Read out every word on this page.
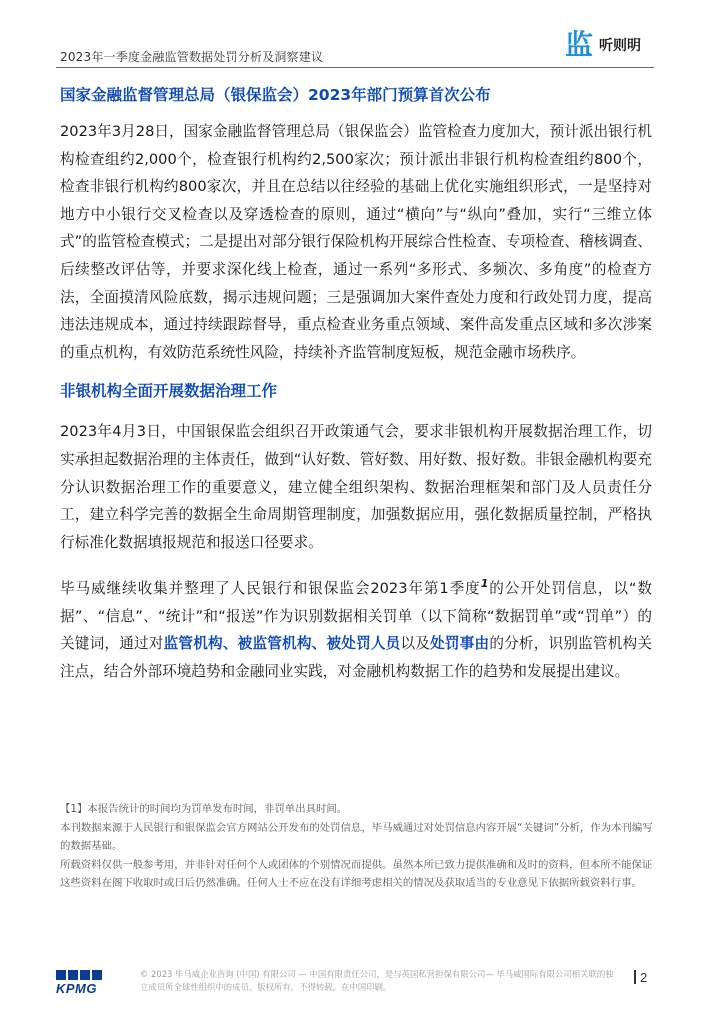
2023年一季度金融监管数据处罚分析及洞察建议	监 听则明
国家金融监督管理总局（银保监会）2023年部门预算首次公布

2023年3月28日，国家金融监督管理总局（银保监会）监管检查力度加大，预计派出银行机构检查组约2,000个，检查银行机构约2,500家次；预计派出非银行机构检查组约800个，检查非银行机构约800家次，并且在总结以往经验的基础上优化实施组织形式，一是坚持对地方中小银行交叉检查以及穿透检查的原则，通过“横向”与“纵向”叠加，实行“三维立体式”的监管检查模式；二是提出对部分银行保险机构开展综合性检查、专项检查、稽核调查、后续整改评估等，并要求深化线上检查，通过一系列“多形式、多频次、多角度”的检查方法，全面摸清风险底数，揭示违规问题；三是强调加大案件查处力度和行政处罚力度，提高违法违规成本，通过持续跟踪督导，重点检查业务重点领域、案件高发重点区域和多次涉案的重点机构，有效防范系统性风险，持续补齐监管制度短板，规范金融市场秩序。

非银机构全面开展数据治理工作

2023年4月3日，中国银保监会组织召开政策通气会，要求非银机构开展数据治理工作，切实承担起数据治理的主体责任，做到“认好数、管好数、用好数、报好数。非银金融机构要充分认识数据治理工作的重要意义，建立健全组织架构、数据治理框架和部门及人员责任分工，建立科学完善的数据全生命周期管理制度，加强数据应用，强化数据质量控制，严格执行标准化数据填报规范和报送口径要求。

毕马威继续收集并整理了人民银行和银保监会2023年第1季度$^1$的公开处罚信息，以“数据”、“信息”、“统计”和“报送”作为识别数据相关罚单（以下简称“数据罚单”或“罚单”）的关键词，通过对监管机构、被监管机构、被处罚人员以及处罚事由的分析，识别监管机构关注点，结合外部环境趋势和金融同业实践，对金融机构数据工作的趋势和发展提出建议。

【1】本报告统计的时间均为罚单发布时间，非罚单出具时间。

本刊数据来源于人民银行和银保监会官方网站公开发布的处罚信息，毕马威通过对处罚信息内容开展“关键词”分析，作为本刊编写的数据基础。

所载资料仅供一般参考用，并非针对任何个人或团体的个别情况而提供。虽然本所已致力提供准确和及时的资料，但本所不能保证这些资料在阁下收取时或日后仍然准确。任何人士不应在没有详细考虑相关的情况及获取适当的专业意见下依据所载资料行事。

KPMG
© 2023 毕马威企业咨询 (中国) 有限公司 — 中国有限责任公司，是与英国私营担保有限公司— 毕马威国际有限公司相关联的独立成员所全球性组织中的成员。版权所有，不得转载。在中国印刷。
2
